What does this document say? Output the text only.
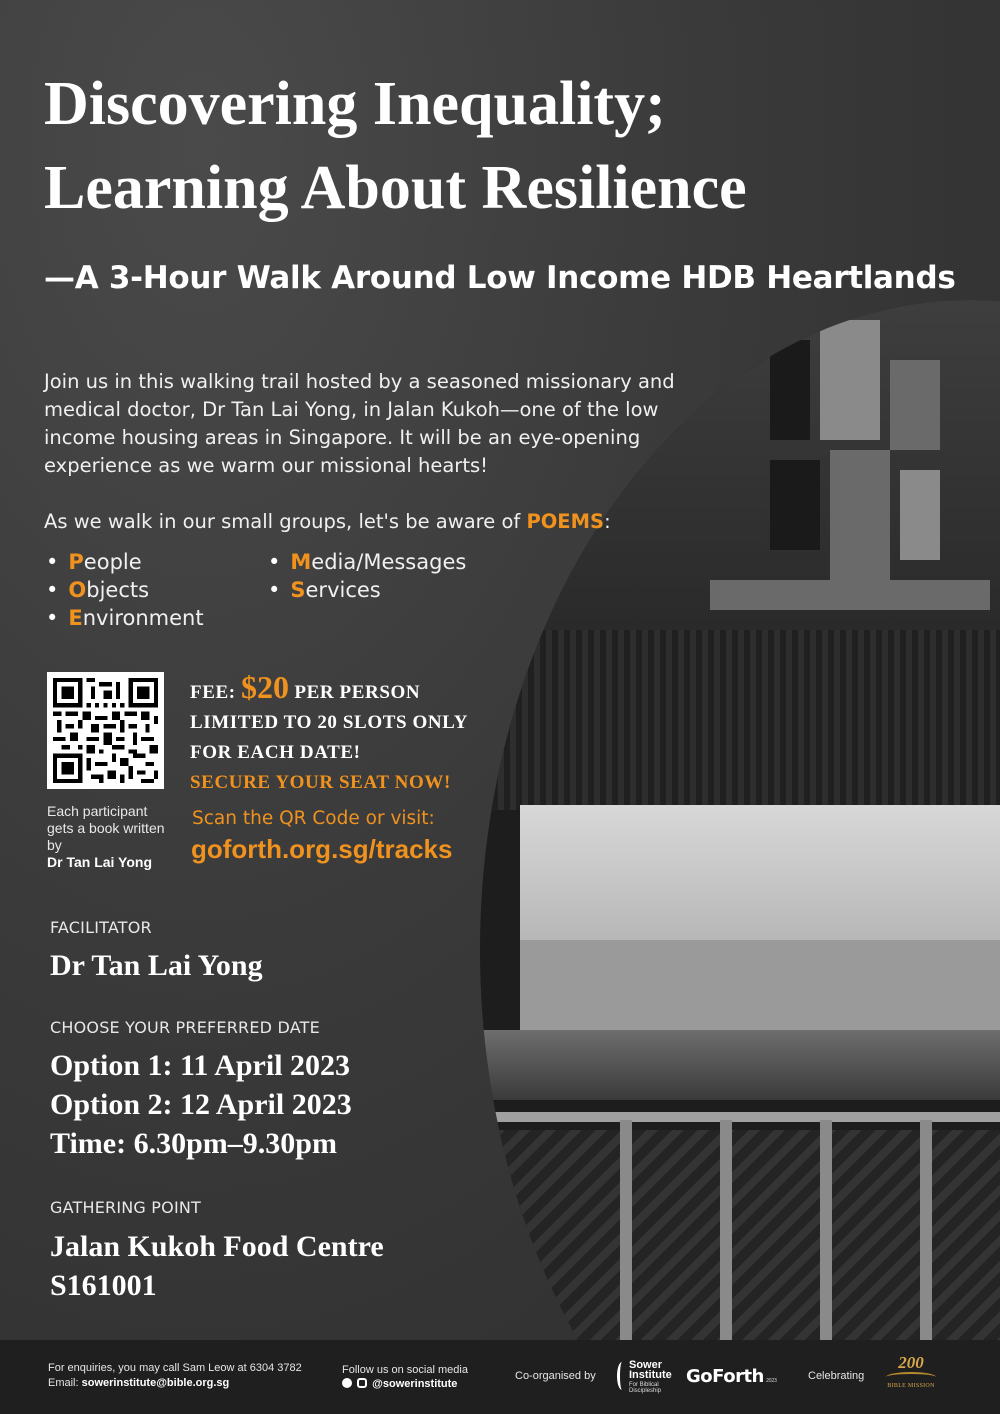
Discovering Inequality;
Learning About Resilience
—A 3-Hour Walk Around Low Income HDB Heartlands

Join us in this walking trail hosted by a seasoned missionary and medical doctor, Dr Tan Lai Yong, in Jalan Kukoh—one of the low income housing areas in Singapore. It will be an eye-opening experience as we warm our missional hearts!

As we walk in our small groups, let's be aware of POEMS:

• People
• Objects
• Environment
• Media/Messages
• Services
Each participant gets a book written by
Dr Tan Lai Yong
FEE: $20 PER PERSON
LIMITED TO 20 SLOTS ONLY
FOR EACH DATE!
SECURE YOUR SEAT NOW!
Scan the QR Code or visit:
goforth.org.sg/tracks
FACILITATOR
Dr Tan Lai Yong
CHOOSE YOUR PREFERRED DATE
Option 1: 11 April 2023
Option 2: 12 April 2023
Time: 6.30pm–9.30pm
GATHERING POINT
Jalan Kukoh Food Centre
S161001
For enquiries, you may call Sam Leow at 6304 3782
Email: sowerinstitute@bible.org.sg
Follow us on social media
@sowerinstitute
Co-organised by
Sower Institute
For Biblical Discipleship
GoForth 2023	Celebrating
200
BIBLE MISSION
